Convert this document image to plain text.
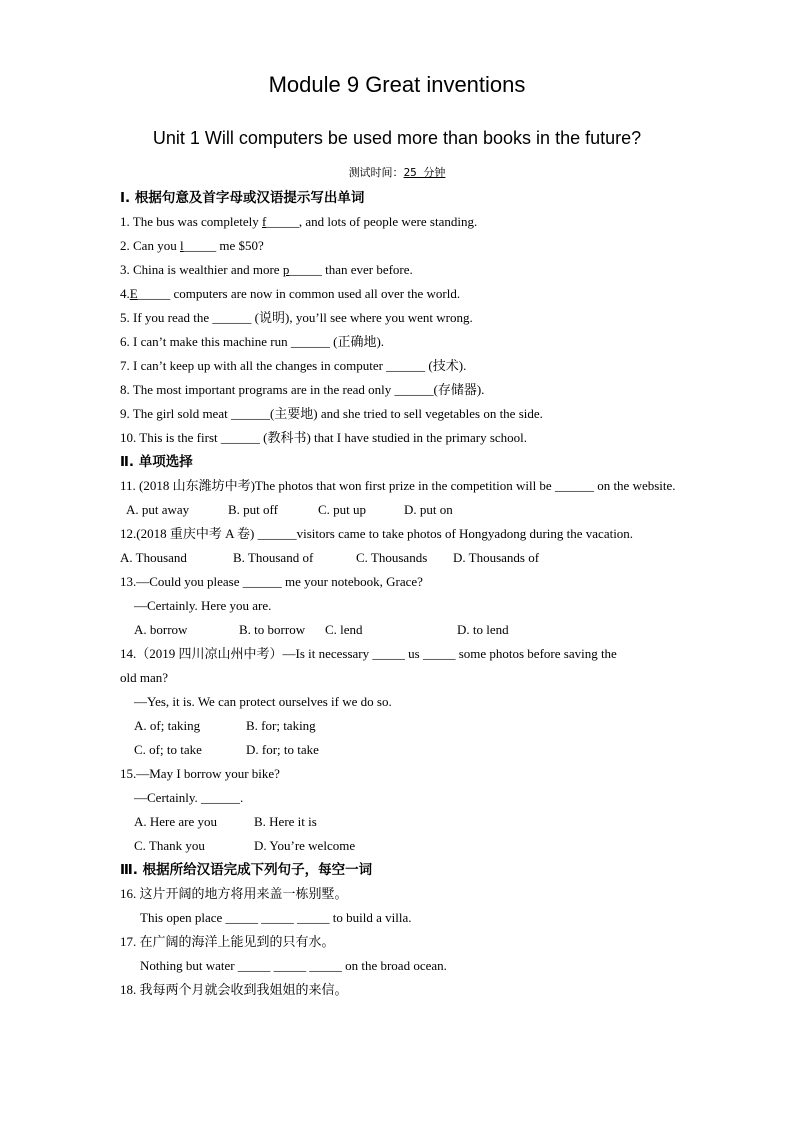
Module 9 Great inventions
Unit 1 Will computers be used more than books in the future?
测试时间：25 分钟
Ⅰ. 根据句意及首字母或汉语提示写出单词
1. The bus was completely f_____, and lots of people were standing.
2. Can you l_____ me $50?
3. China is wealthier and more p_____ than ever before.
4.E_____ computers are now in common used all over the world.
5. If you read the ______ (说明), you’ll see where you went wrong.
6. I can’t make this machine run ______ (正确地).
7. I can’t keep up with all the changes in computer ______ (技术).
8. The most important programs are in the read only ______(存储器).
9. The girl sold meat ______(主要地) and she tried to sell vegetables on the side.
10. This is the first ______ (教科书) that I have studied in the primary school.
Ⅱ. 单项选择
11. (2018 山东潍坊中考)The photos that won first prize in the competition will be ______ on the website.
A. put away	B. put off	C. put up	D. put on
12.(2018 重庆中考 A 卷) ______visitors came to take photos of Hongyadong during the vacation.
A. Thousand	B. Thousand of	C. Thousands	D. Thousands of
13.—Could you please ______ me your notebook, Grace?
—Certainly. Here you are.
A. borrow	B. to borrow	C. lend	D. to lend
14.（2019 四川凉山州中考）—Is it necessary _____ us _____ some photos before saving the
old man?
—Yes, it is. We can protect ourselves if we do so.
A. of; taking	B. for; taking
C. of; to take	D. for; to take
15.—May I borrow your bike?
—Certainly. ______.
A. Here are you	B. Here it is
C. Thank you	D. You’re welcome
Ⅲ. 根据所给汉语完成下列句子，每空一词
16. 这片开阔的地方将用来盖一栋别墅。
This open place _____ _____ _____ to build a villa.
17. 在广阔的海洋上能见到的只有水。
Nothing but water _____ _____ _____ on the broad ocean.
18. 我每两个月就会收到我姐姐的来信。
